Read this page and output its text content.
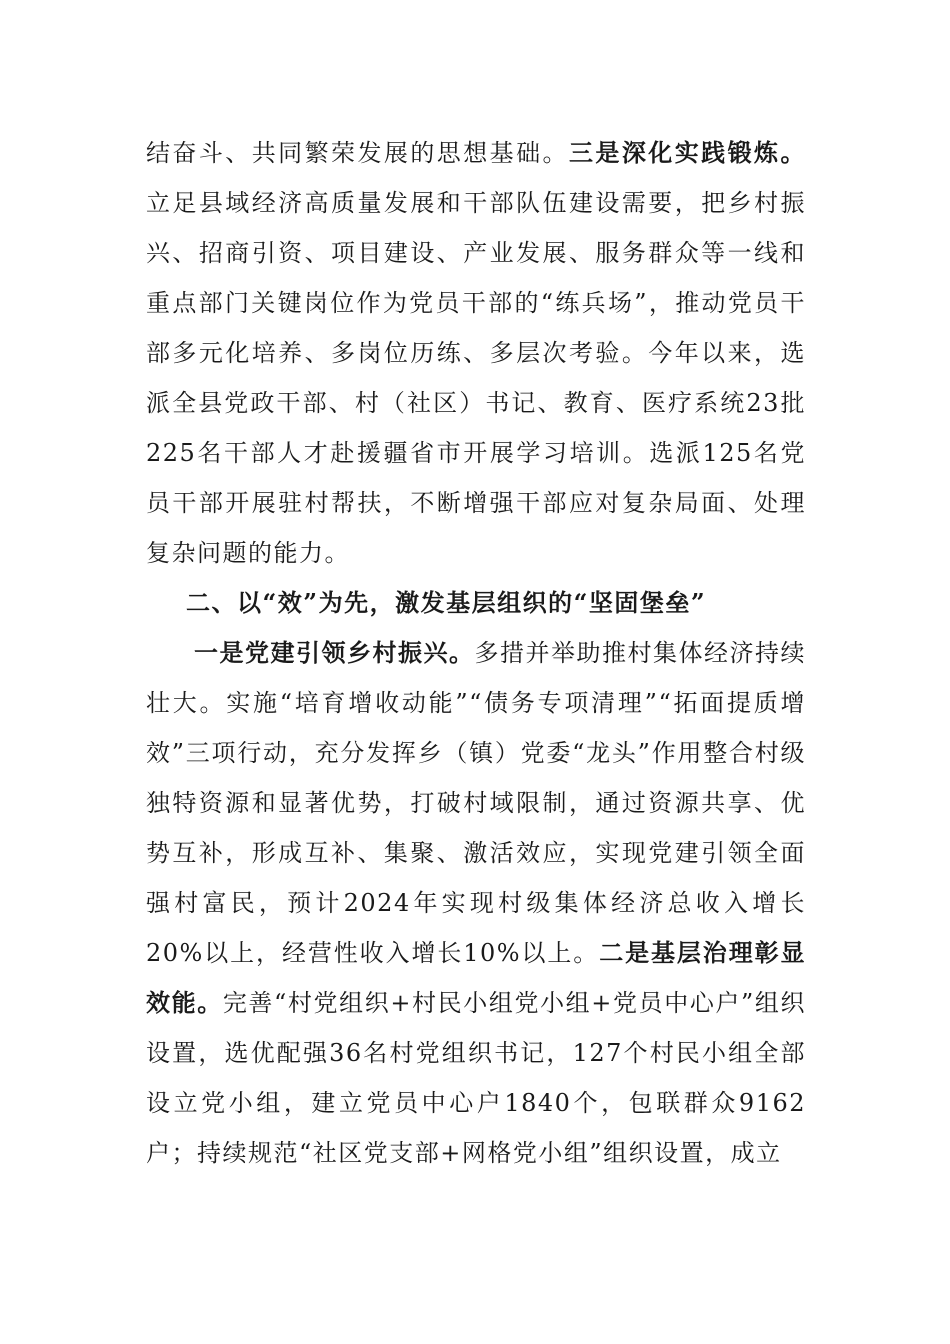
结奋斗、共同繁荣发展的思想基础。三是深化实践锻炼。立足县域经济高质量发展和干部队伍建设需要，把乡村振兴、招商引资、项目建设、产业发展、服务群众等一线和重点部门关键岗位作为党员干部的“练兵场”，推动党员干部多元化培养、多岗位历练、多层次考验。今年以来，选派全县党政干部、村（社区）书记、教育、医疗系统23批225名干部人才赴援疆省市开展学习培训。选派125名党员干部开展驻村帮扶，不断增强干部应对复杂局面、处理复杂问题的能力。

二、以“效”为先，激发基层组织的“坚固堡垒”

一是党建引领乡村振兴。多措并举助推村集体经济持续壮大。实施“培育增收动能”“债务专项清理”“拓面提质增效”三项行动，充分发挥乡（镇）党委“龙头”作用整合村级独特资源和显著优势，打破村域限制，通过资源共享、优势互补，形成互补、集聚、激活效应，实现党建引领全面强村富民，预计2024年实现村级集体经济总收入增长20%以上，经营性收入增长10%以上。二是基层治理彰显效能。完善“村党组织+村民小组党小组+党员中心户”组织设置，选优配强36名村党组织书记，127个村民小组全部设立党小组，建立党员中心户1840个，包联群众9162户；持续规范“社区党支部+网格党小组”组织设置，成立
